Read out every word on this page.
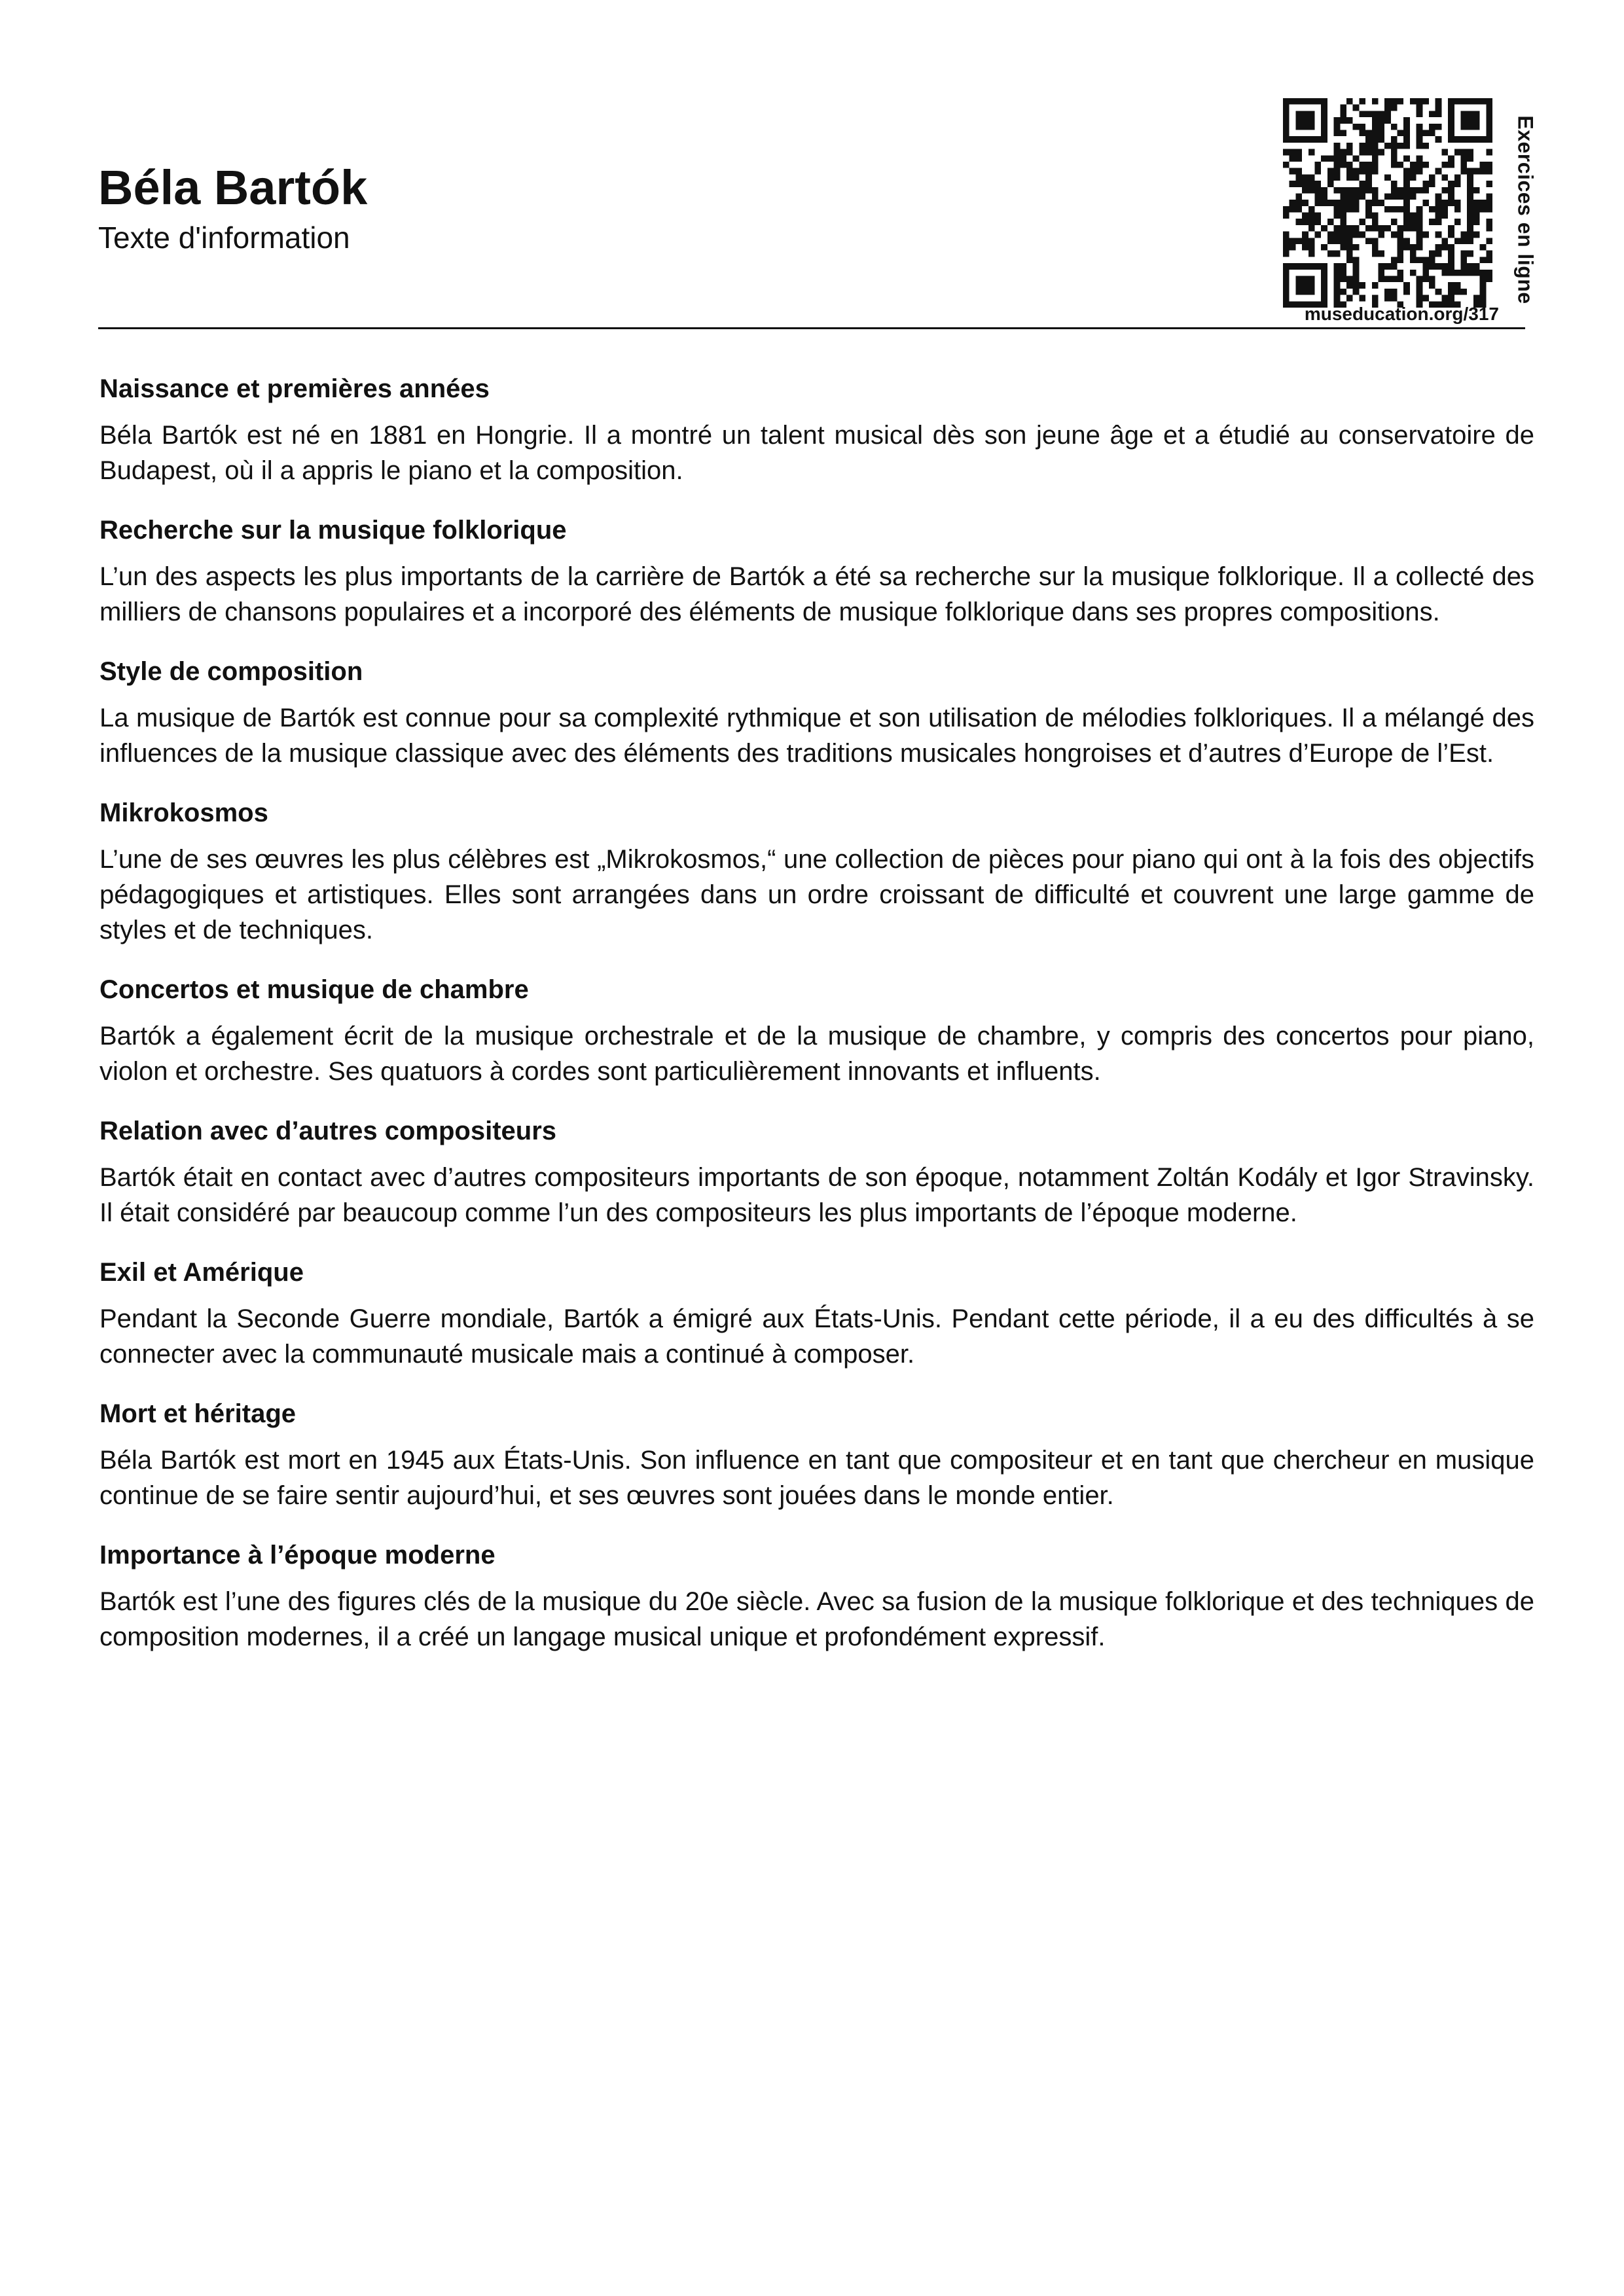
Béla Bartók
Texte d'information
museducation.org/317
Exercices en ligne
Naissance et premières années

Béla Bartók est né en 1881 en Hongrie. Il a montré un talent musical dès son jeune âge et a étudié au conservatoire de Budapest, où il a appris le piano et la composition.

Recherche sur la musique folklorique

L’un des aspects les plus importants de la carrière de Bartók a été sa recherche sur la musique folklorique. Il a collecté des milliers de chansons populaires et a incorporé des éléments de musique folklorique dans ses propres compositions.

Style de composition

La musique de Bartók est connue pour sa complexité rythmique et son utilisation de mélodies folkloriques. Il a mélangé des influences de la musique classique avec des éléments des traditions musicales hongroises et d’autres d’Europe de l’Est.

Mikrokosmos

L’une de ses œuvres les plus célèbres est „Mikrokosmos,“ une collection de pièces pour piano qui ont à la fois des objectifs pédagogiques et artistiques. Elles sont arrangées dans un ordre croissant de difficulté et couvrent une large gamme de styles et de techniques.

Concertos et musique de chambre

Bartók a également écrit de la musique orchestrale et de la musique de chambre, y compris des concertos pour piano, violon et orchestre. Ses quatuors à cordes sont particulièrement innovants et influents.

Relation avec d’autres compositeurs

Bartók était en contact avec d’autres compositeurs importants de son époque, notamment Zoltán Kodály et Igor Stravinsky. Il était considéré par beaucoup comme l’un des compositeurs les plus importants de l’époque moderne.

Exil et Amérique

Pendant la Seconde Guerre mondiale, Bartók a émigré aux États-Unis. Pendant cette période, il a eu des difficultés à se connecter avec la communauté musicale mais a continué à composer.

Mort et héritage

Béla Bartók est mort en 1945 aux États-Unis. Son influence en tant que compositeur et en tant que chercheur en musique continue de se faire sentir aujourd’hui, et ses œuvres sont jouées dans le monde entier.

Importance à l’époque moderne

Bartók est l’une des figures clés de la musique du 20e siècle. Avec sa fusion de la musique folklorique et des techniques de composition modernes, il a créé un langage musical unique et profondément expressif.
